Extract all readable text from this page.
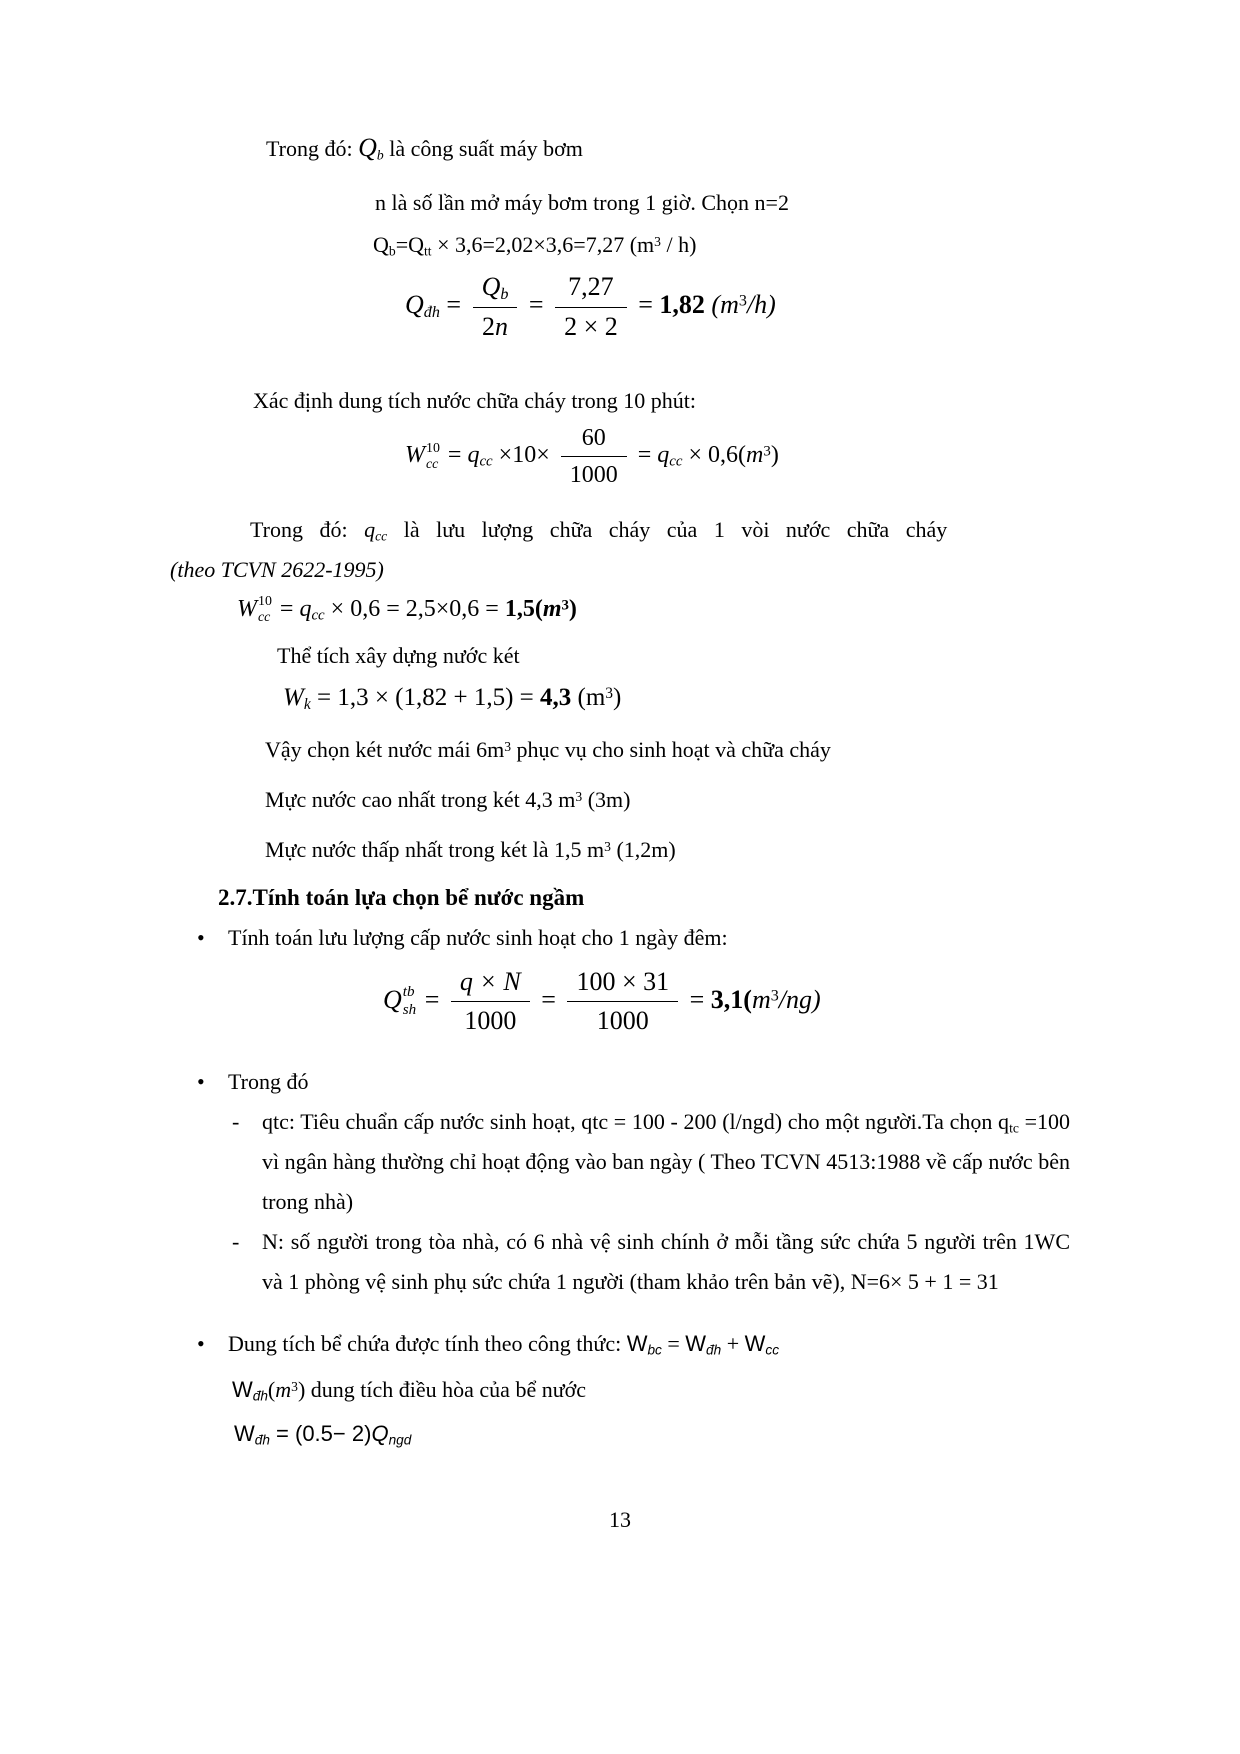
Trong đó: $Q_b$ là công suất máy bơm

n là số lần mở máy bơm trong 1 giờ. Chọn n=2

$Q_b=Q_{tt} \times 3,6=2,02\times 3,6=7,27$ $(m^3 / h)$

$Q_{đh} = \frac{Q_b}{2n} = \frac{7,27}{2 \times 2} = 1,82$ $(m^3/h)$

Xác định dung tích nước chữa cháy trong 10 phút:

W 10
cc = $q_{cc} \times 10\times \frac{60}{1000} = q_{cc} \times 0,6(m^3)$

Trong đó: $q_{cc}$ là lưu lượng chữa cháy của 1 vòi nước chữa cháy

(theo TCVN 2622-1995)

W 10
cc = $q_{cc} \times 0,6 = 2,5\times 0,6 = 1,5(m^3)$

Thể tích xây dựng nước két

$W_k = 1,3 \times (1,82 + 1,5) = 4,3$ $(m^3)$

Vậy chọn két nước mái $6m^3$ phục vụ cho sinh hoạt và chữa cháy

Mực nước cao nhất trong két 4,3 $m^3$ (3m)

Mực nước thấp nhất trong két là 1,5 $m^3$ (1,2m)

2.7.Tính toán lựa chọn bể nước ngầm
• Tính toán lưu lượng cấp nước sinh hoạt cho 1 ngày đêm:
Q tb
sh = $\frac{q \times N}{1000} = \frac{100 \times 31}{1000} = 3,1(m^3/ng)$
• Trong đó
- qtc: Tiêu chuẩn cấp nước sinh hoạt, qtc = 100 - 200 (l/ngd) cho một người.Ta chọn $q_{tc} =100$ vì ngân hàng thường chỉ hoạt động vào ban ngày ( Theo TCVN 4513:1988 về cấp nước bên trong nhà)
- N: số người trong tòa nhà, có 6 nhà vệ sinh chính ở mỗi tầng sức chứa 5 người trên 1WC và 1 phòng vệ sinh phụ sức chứa 1 người (tham khảo trên bản vẽ), N=6× 5 + 1 = 31
• Dung tích bể chứa được tính theo công thức: $W_{bc} = W_{đh} + W_{cc}$

$W_{đh}(m^3)$ dung tích điều hòa của bể nước

$W_{đh} = (0.5- 2)Q_{ngd}$

13
